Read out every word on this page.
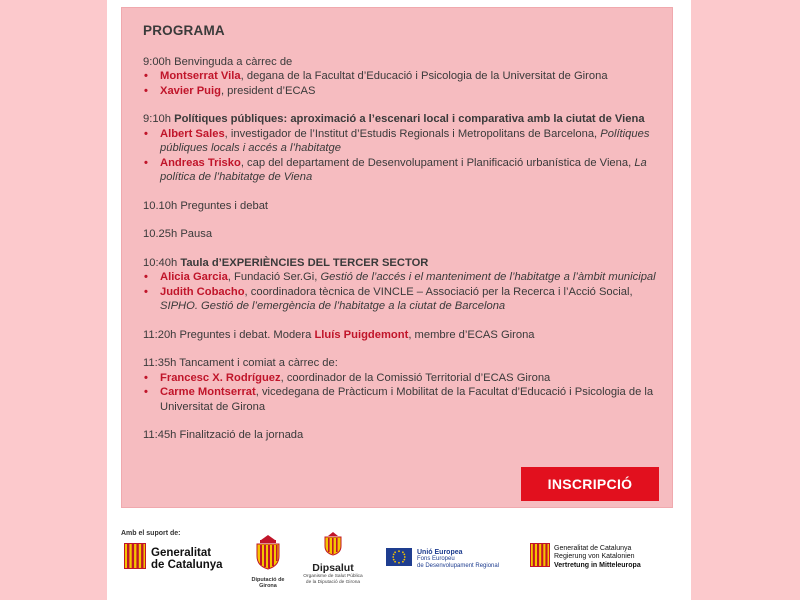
PROGRAMA

9:00h Benvinguda a càrrec de

• Montserrat Vila, degana de la Facultat d’Educació i Psicologia de la Universitat de Girona
• Xavier Puig, president d’ECAS

9:10h Polítiques públiques: aproximació a l’escenari local i comparativa amb la ciutat de Viena

• Albert Sales, investigador de l’Institut d’Estudis Regionals i Metropolitans de Barcelona, Polítiques públiques locals i accés a l’habitatge
• Andreas Trisko, cap del departament de Desenvolupament i Planificació urbanística de Viena, La política de l’habitatge de Viena

10.10h Preguntes i debat

10.25h Pausa

10:40h Taula d’EXPERIÈNCIES DEL TERCER SECTOR

• Alicia Garcia, Fundació Ser.Gi, Gestió de l’accés i el manteniment de l’habitatge a l’àmbit municipal
• Judith Cobacho, coordinadora tècnica de VINCLE – Associació per la Recerca i l’Acció Social, SIPHO. Gestió de l’emergència de l’habitatge a la ciutat de Barcelona

11:20h Preguntes i debat. Modera Lluís Puigdemont, membre d’ECAS Girona

11:35h Tancament i comiat a càrrec de:

• Francesc X. Rodríguez, coordinador de la Comissió Territorial d’ECAS Girona
• Carme Montserrat, vicedegana de Pràcticum i Mobilitat de la Facultat d’Educació i Psicologia de la Universitat de Girona

11:45h Finalització de la jornada

INSCRIPCIÓ
Amb el suport de:
Generalitat
de Catalunya
Diputació de Girona
Dipsalut
Organisme de Salut Pública
de la Diputació de Girona
Unió Europea
Fons Europeu
de Desenvolupament Regional
Generalitat de Catalunya
Regierung von Katalonien
Vertretung in Mitteleuropa
